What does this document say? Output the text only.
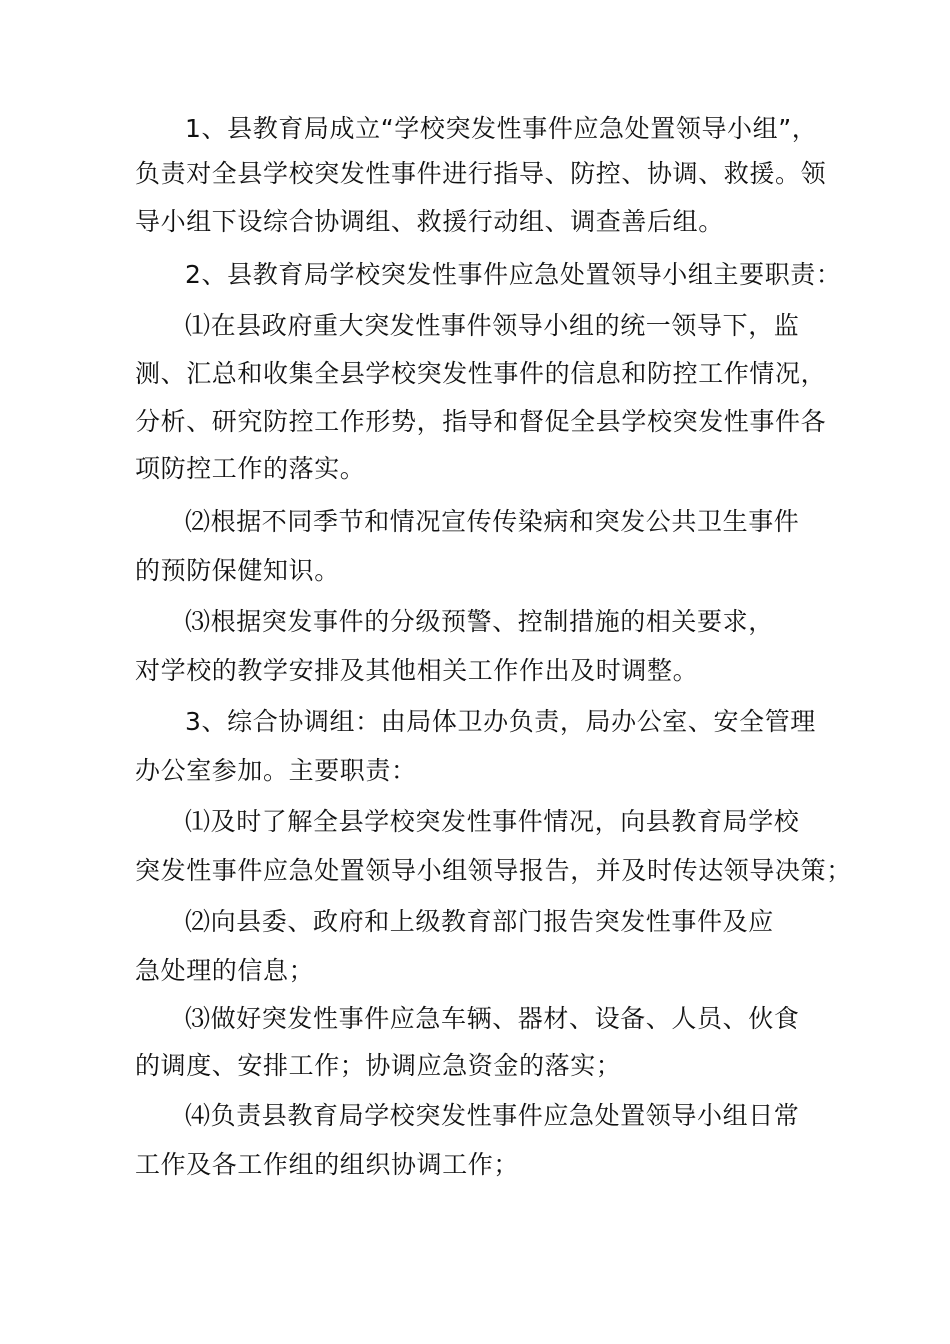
1、县教育局成立“学校突发性事件应急处置领导小组”，
负责对全县学校突发性事件进行指导、防控、协调、救援。领
导小组下设综合协调组、救援行动组、调查善后组。
2、县教育局学校突发性事件应急处置领导小组主要职责：
⑴在县政府重大突发性事件领导小组的统一领导下，监
测、汇总和收集全县学校突发性事件的信息和防控工作情况，
分析、研究防控工作形势，指导和督促全县学校突发性事件各
项防控工作的落实。
⑵根据不同季节和情况宣传传染病和突发公共卫生事件
的预防保健知识。
⑶根据突发事件的分级预警、控制措施的相关要求，
对学校的教学安排及其他相关工作作出及时调整。
3、综合协调组：由局体卫办负责，局办公室、安全管理
办公室参加。主要职责：
⑴及时了解全县学校突发性事件情况，向县教育局学校
突发性事件应急处置领导小组领导报告，并及时传达领导决策；
⑵向县委、政府和上级教育部门报告突发性事件及应
急处理的信息；
⑶做好突发性事件应急车辆、器材、设备、人员、伙食
的调度、安排工作；协调应急资金的落实；
⑷负责县教育局学校突发性事件应急处置领导小组日常
工作及各工作组的组织协调工作；
